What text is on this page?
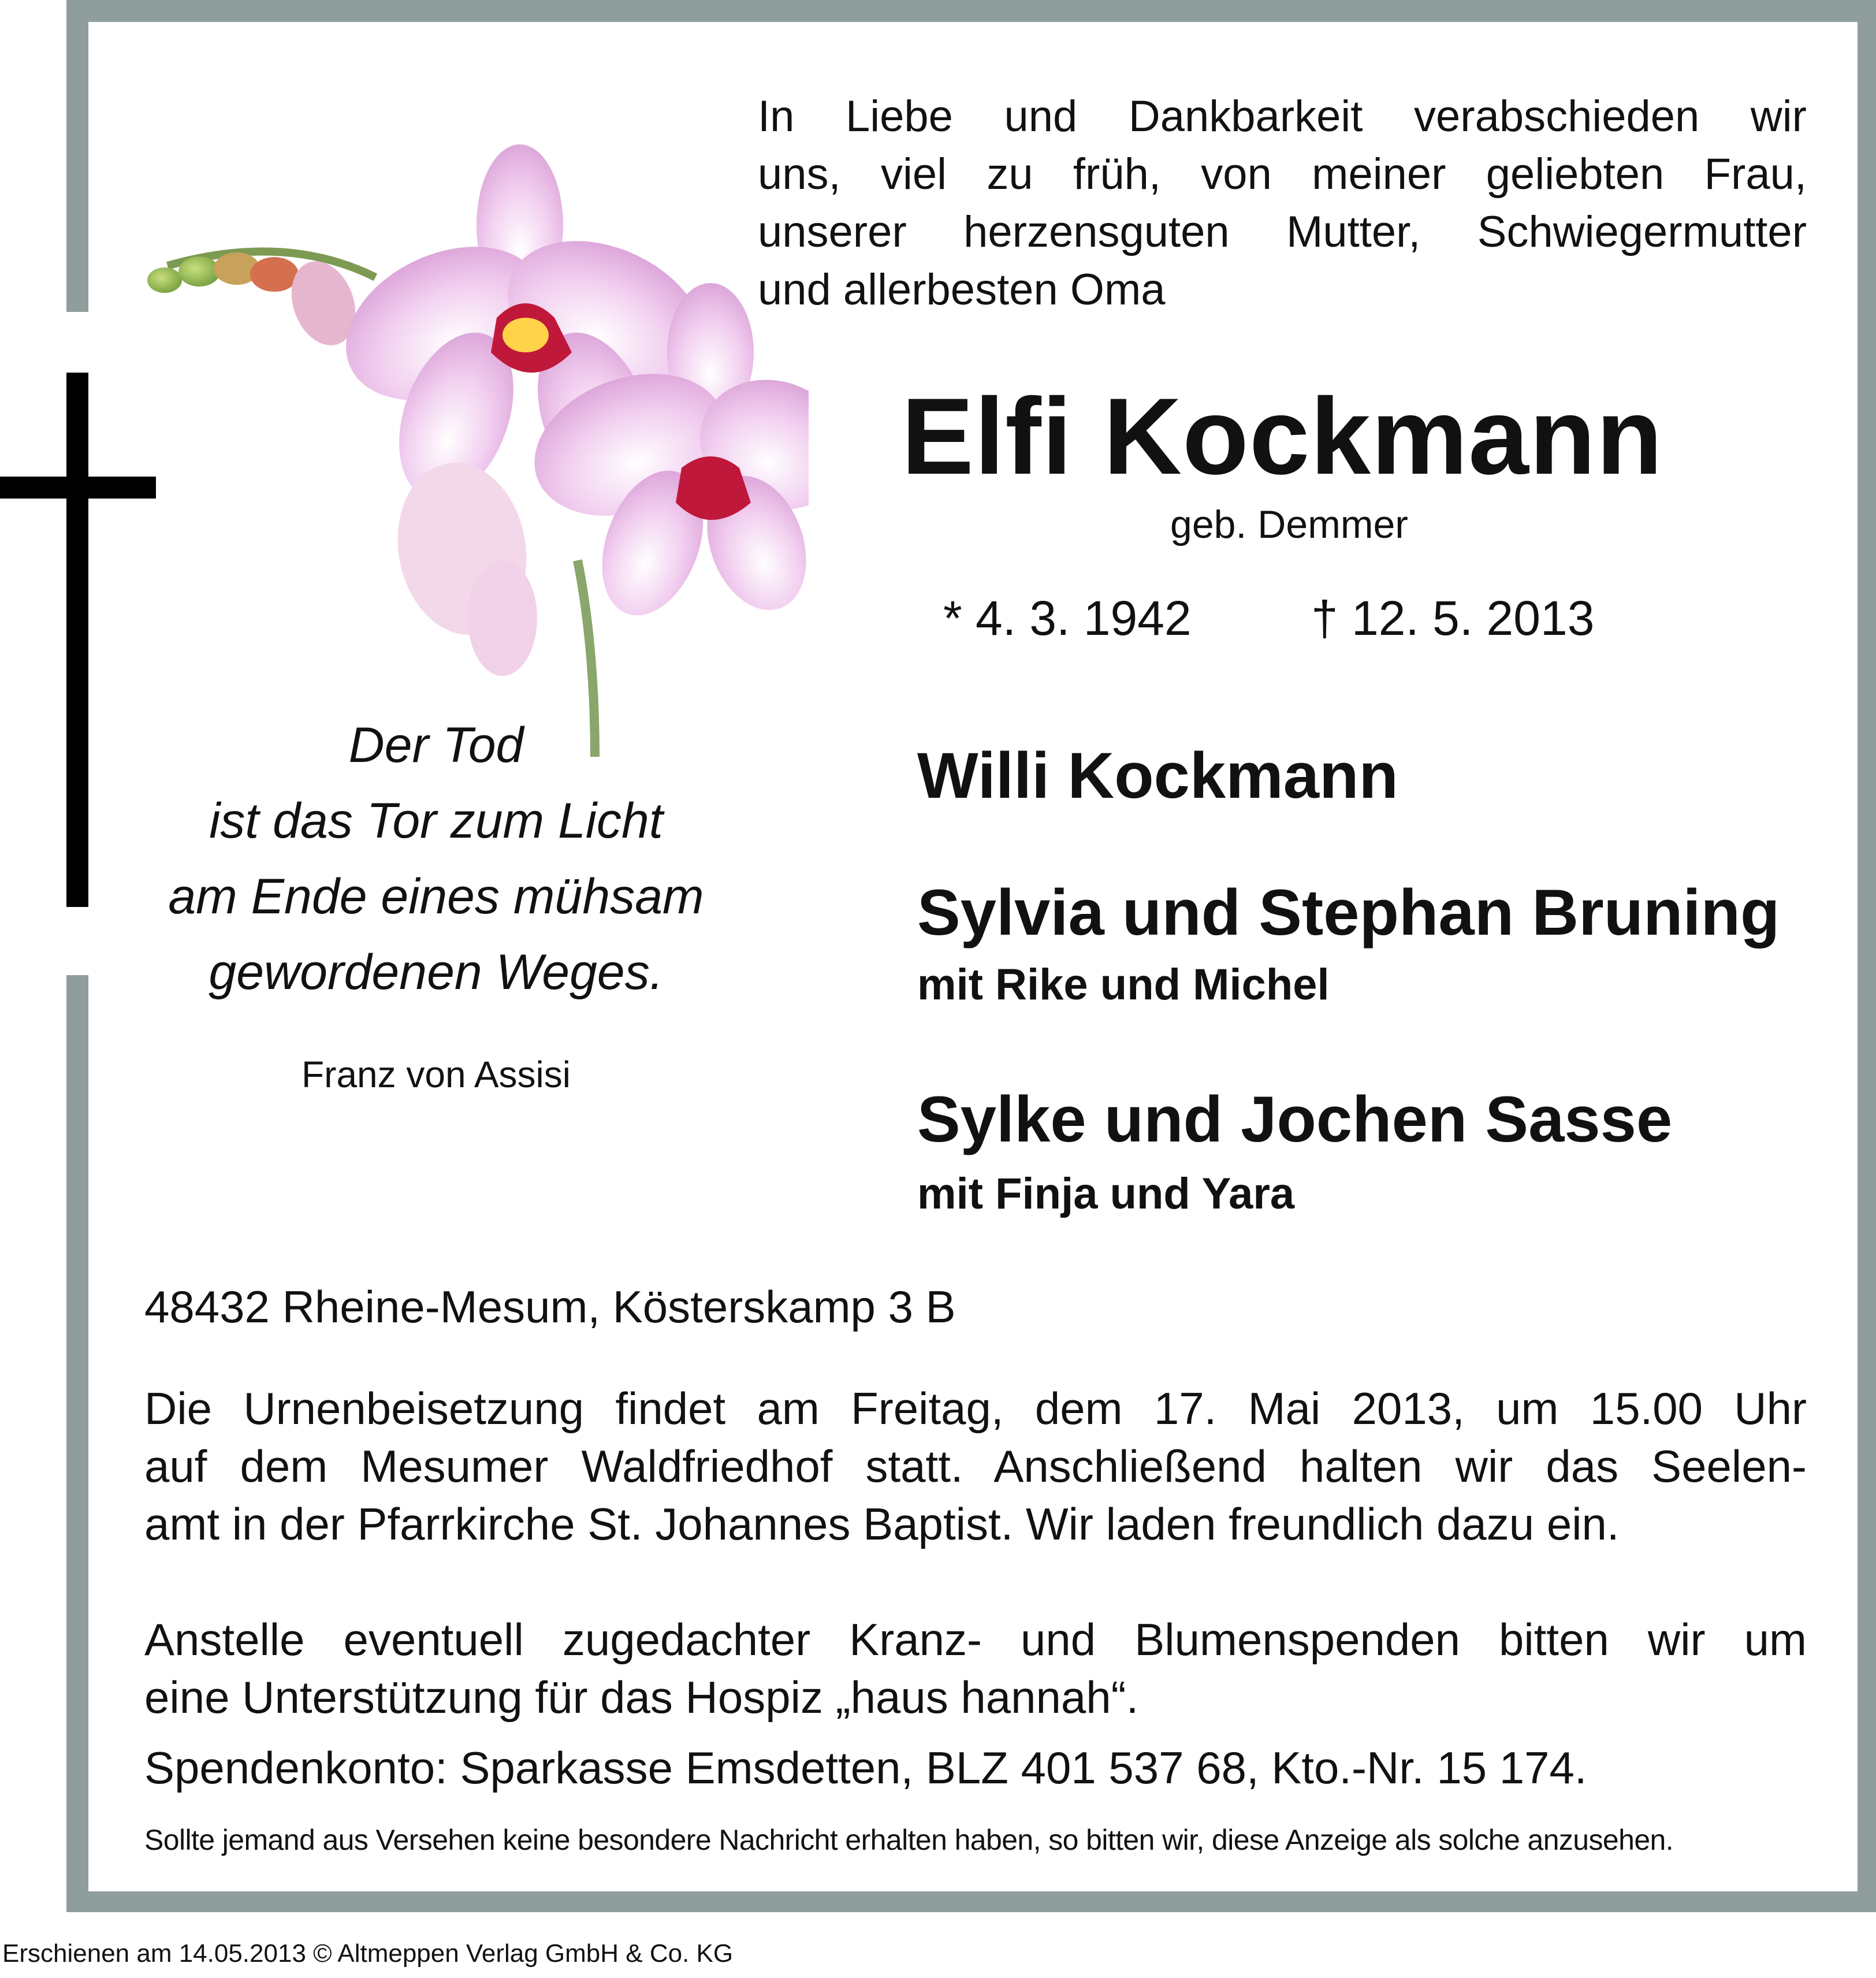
In Liebe und Dankbarkeit verabschieden wir
uns, viel zu früh, von meiner geliebten Frau,
unserer herzensguten Mutter, Schwiegermutter
und allerbesten Oma
Elfi Kockmann
geb. Demmer
* 4. 3. 1942 † 12. 5. 2013
Der Tod
ist das Tor zum Licht
am Ende eines mühsam
gewordenen Weges.
Franz von Assisi
Willi Kockmann
Sylvia und Stephan Bruning
mit Rike und Michel
Sylke und Jochen Sasse
mit Finja und Yara
48432 Rheine-Mesum, Kösterskamp 3 B
Die Urnenbeisetzung findet am Freitag, dem 17. Mai 2013, um 15.00 Uhr
auf dem Mesumer Waldfriedhof statt. Anschließend halten wir das Seelen-
amt in der Pfarrkirche St. Johannes Baptist. Wir laden freundlich dazu ein.
Anstelle eventuell zugedachter Kranz- und Blumenspenden bitten wir um
eine Unterstützung für das Hospiz „haus hannah“.
Spendenkonto: Sparkasse Emsdetten, BLZ 401 537 68, Kto.-Nr. 15 174.
Sollte jemand aus Versehen keine besondere Nachricht erhalten haben, so bitten wir, diese Anzeige als solche anzusehen.
Erschienen am 14.05.2013 © Altmeppen Verlag GmbH & Co. KG
